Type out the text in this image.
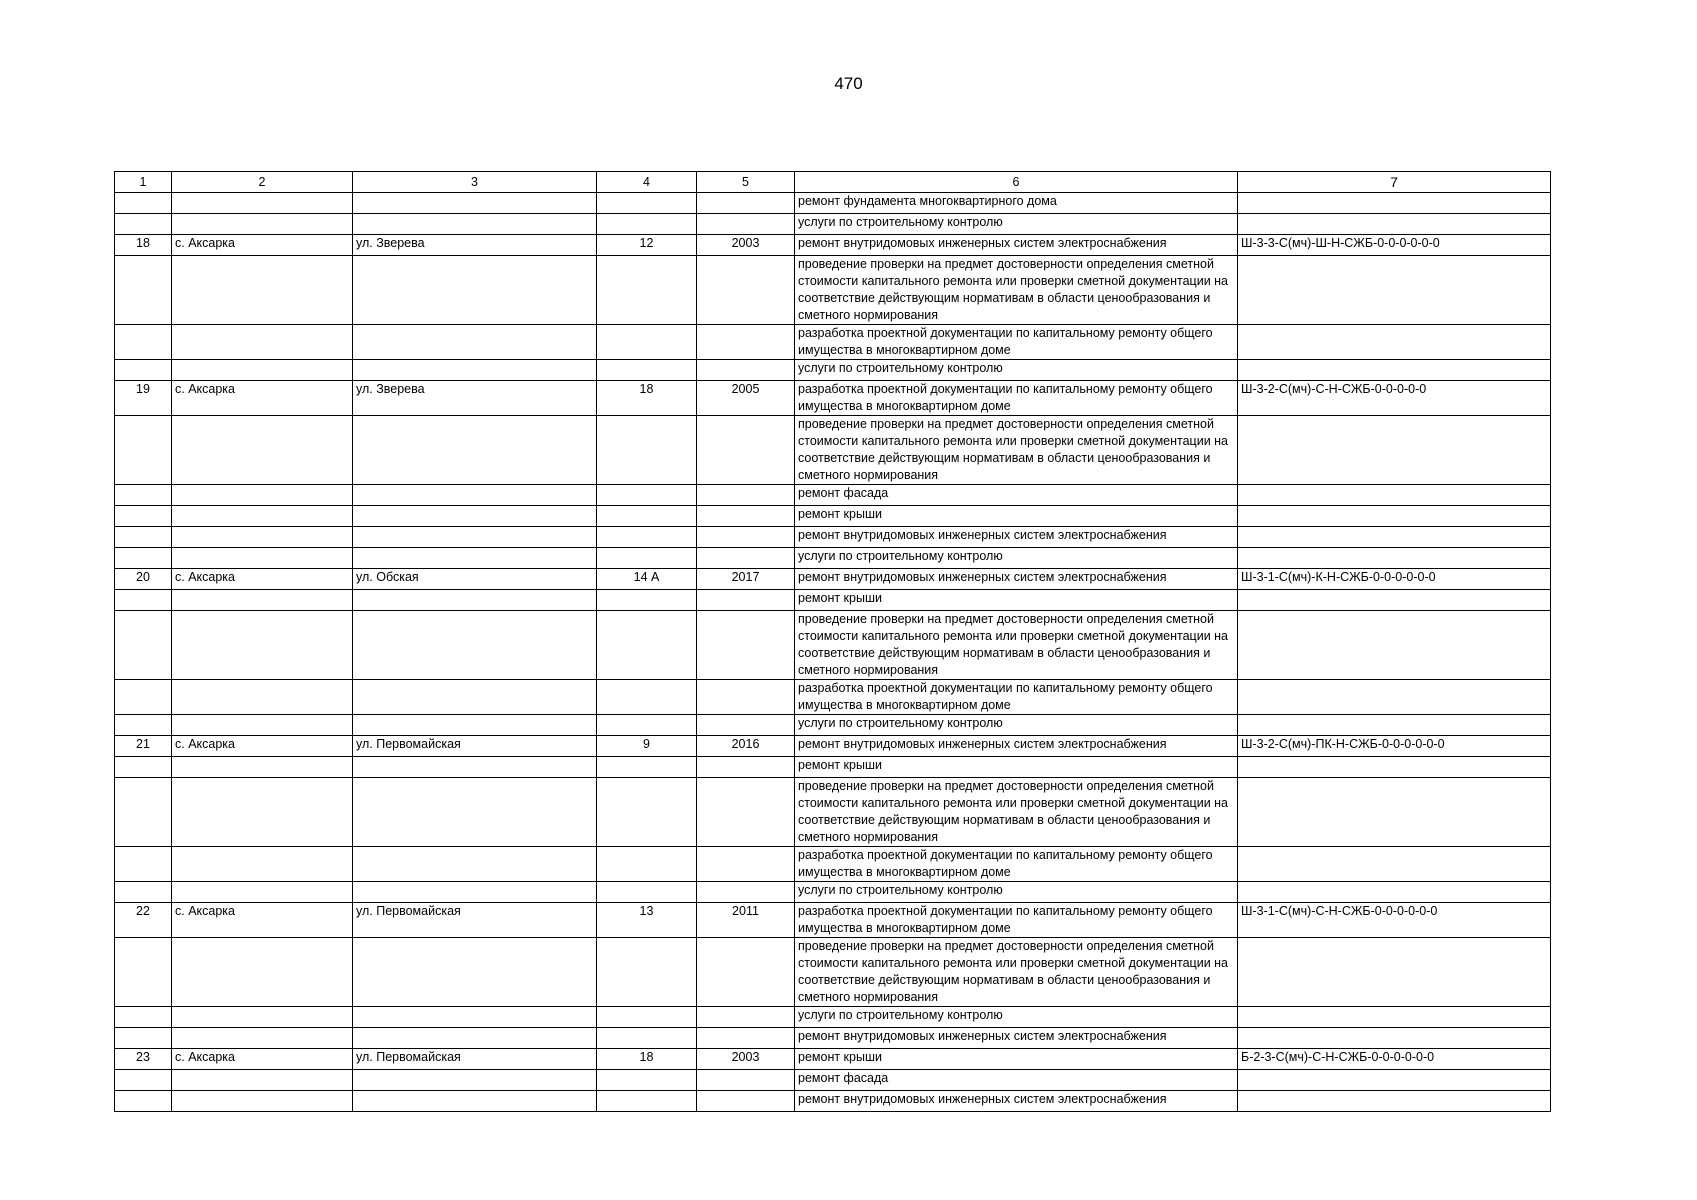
470
1	2	3	4	5	6	7
					ремонт фундамента многоквартирного дома	
					услуги по строительному контролю	
18	с. Аксарка	ул. Зверева	12	2003	ремонт внутридомовых инженерных систем электроснабжения	Ш-3-3-С(мч)-Ш-Н-СЖБ-0-0-0-0-0-0
					проведение проверки на предмет достоверности определения сметной стоимости капитального ремонта или проверки сметной документации на соответствие действующим нормативам в области ценообразования и сметного нормирования	
					разработка проектной документации по капитальному ремонту общего имущества в многоквартирном доме	
					услуги по строительному контролю	
19	с. Аксарка	ул. Зверева	18	2005	разработка проектной документации по капитальному ремонту общего имущества в многоквартирном доме	Ш-3-2-С(мч)-С-Н-СЖБ-0-0-0-0-0
					проведение проверки на предмет достоверности определения сметной стоимости капитального ремонта или проверки сметной документации на соответствие действующим нормативам в области ценообразования и сметного нормирования	
					ремонт фасада	
					ремонт крыши	
					ремонт внутридомовых инженерных систем электроснабжения	
					услуги по строительному контролю	
20	с. Аксарка	ул. Обская	14 А	2017	ремонт внутридомовых инженерных систем электроснабжения	Ш-3-1-С(мч)-К-Н-СЖБ-0-0-0-0-0-0
					ремонт крыши	
					проведение проверки на предмет достоверности определения сметной стоимости капитального ремонта или проверки сметной документации на соответствие действующим нормативам в области ценообразования и сметного нормирования	
					разработка проектной документации по капитальному ремонту общего имущества в многоквартирном доме	
					услуги по строительному контролю	
21	с. Аксарка	ул. Первомайская	9	2016	ремонт внутридомовых инженерных систем электроснабжения	Ш-3-2-С(мч)-ПК-Н-СЖБ-0-0-0-0-0-0
					ремонт крыши	
					проведение проверки на предмет достоверности определения сметной стоимости капитального ремонта или проверки сметной документации на соответствие действующим нормативам в области ценообразования и сметного нормирования	
					разработка проектной документации по капитальному ремонту общего имущества в многоквартирном доме	
					услуги по строительному контролю	
22	с. Аксарка	ул. Первомайская	13	2011	разработка проектной документации по капитальному ремонту общего имущества в многоквартирном доме	Ш-3-1-С(мч)-С-Н-СЖБ-0-0-0-0-0-0
					проведение проверки на предмет достоверности определения сметной стоимости капитального ремонта или проверки сметной документации на соответствие действующим нормативам в области ценообразования и сметного нормирования	
					услуги по строительному контролю	
					ремонт внутридомовых инженерных систем электроснабжения	
23	с. Аксарка	ул. Первомайская	18	2003	ремонт крыши	Б-2-3-С(мч)-С-Н-СЖБ-0-0-0-0-0-0
					ремонт фасада	
					ремонт внутридомовых инженерных систем электроснабжения	
